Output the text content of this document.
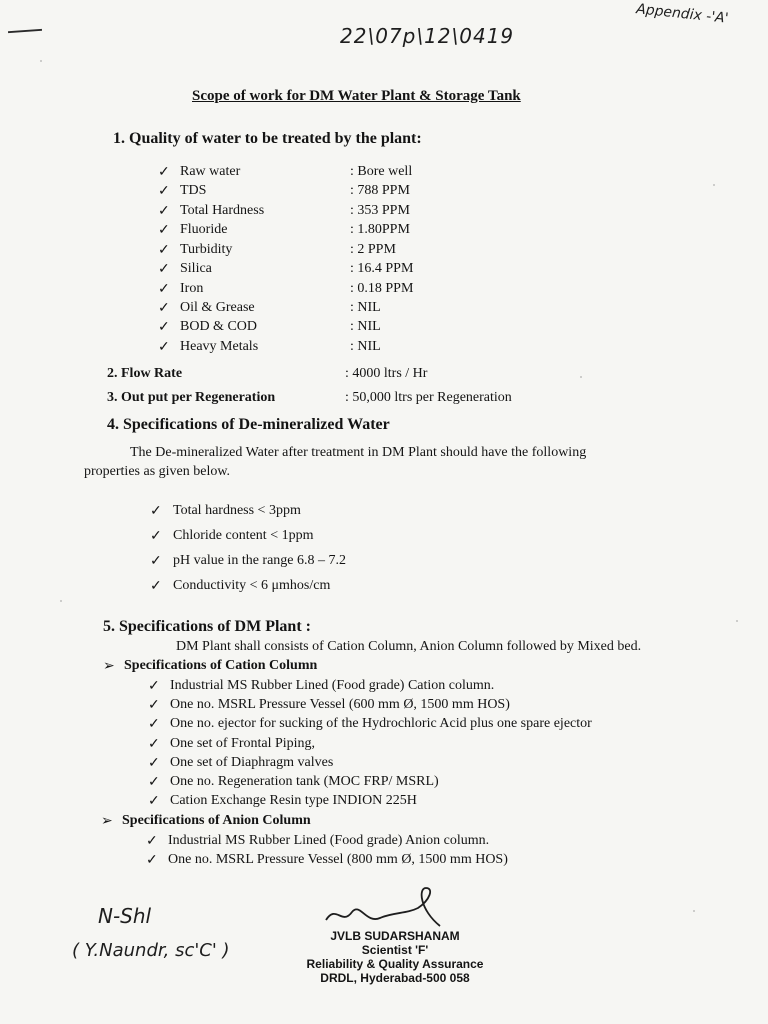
22\07p\12\0419
Appendix -'A'
Scope of work for DM Water Plant & Storage Tank
1. Quality of water to be treated by the plant:
✓ Raw water	: Bore well
✓ TDS	: 788 PPM
✓ Total Hardness	: 353 PPM
✓ Fluoride	: 1.80PPM
✓ Turbidity	: 2 PPM
✓ Silica	: 16.4 PPM
✓ Iron	: 0.18 PPM
✓ Oil & Grease	: NIL
✓ BOD & COD	: NIL
✓ Heavy Metals	: NIL
2. Flow Rate	: 4000 ltrs / Hr
3. Out put per Regeneration	: 50,000 ltrs per Regeneration
4. Specifications of De-mineralized Water
The De-mineralized Water after treatment in DM Plant should have the following
properties as given below.
✓ Total hardness < 3ppm
✓ Chloride content < 1ppm
✓ pH value in the range 6.8 – 7.2
✓ Conductivity < 6 μmhos/cm
5. Specifications of DM Plant :
DM Plant shall consists of Cation Column, Anion Column followed by Mixed bed.
➢ Specifications of Cation Column
✓ Industrial MS Rubber Lined (Food grade) Cation column.
✓ One no. MSRL Pressure Vessel (600 mm Ø, 1500 mm HOS)
✓ One no. ejector for sucking of the Hydrochloric Acid plus one spare ejector
✓ One set of Frontal Piping,
✓ One set of Diaphragm valves
✓ One no. Regeneration tank (MOC FRP/ MSRL)
✓ Cation Exchange Resin type INDION 225H
➢ Specifications of Anion Column
✓ Industrial MS Rubber Lined (Food grade) Anion column.
✓ One no. MSRL Pressure Vessel (800 mm Ø, 1500 mm HOS)
N-Shl
( Y.Naundr, sc'C' )
JVLB SUDARSHANAM
Scientist 'F'
Reliability & Quality Assurance
DRDL, Hyderabad-500 058
